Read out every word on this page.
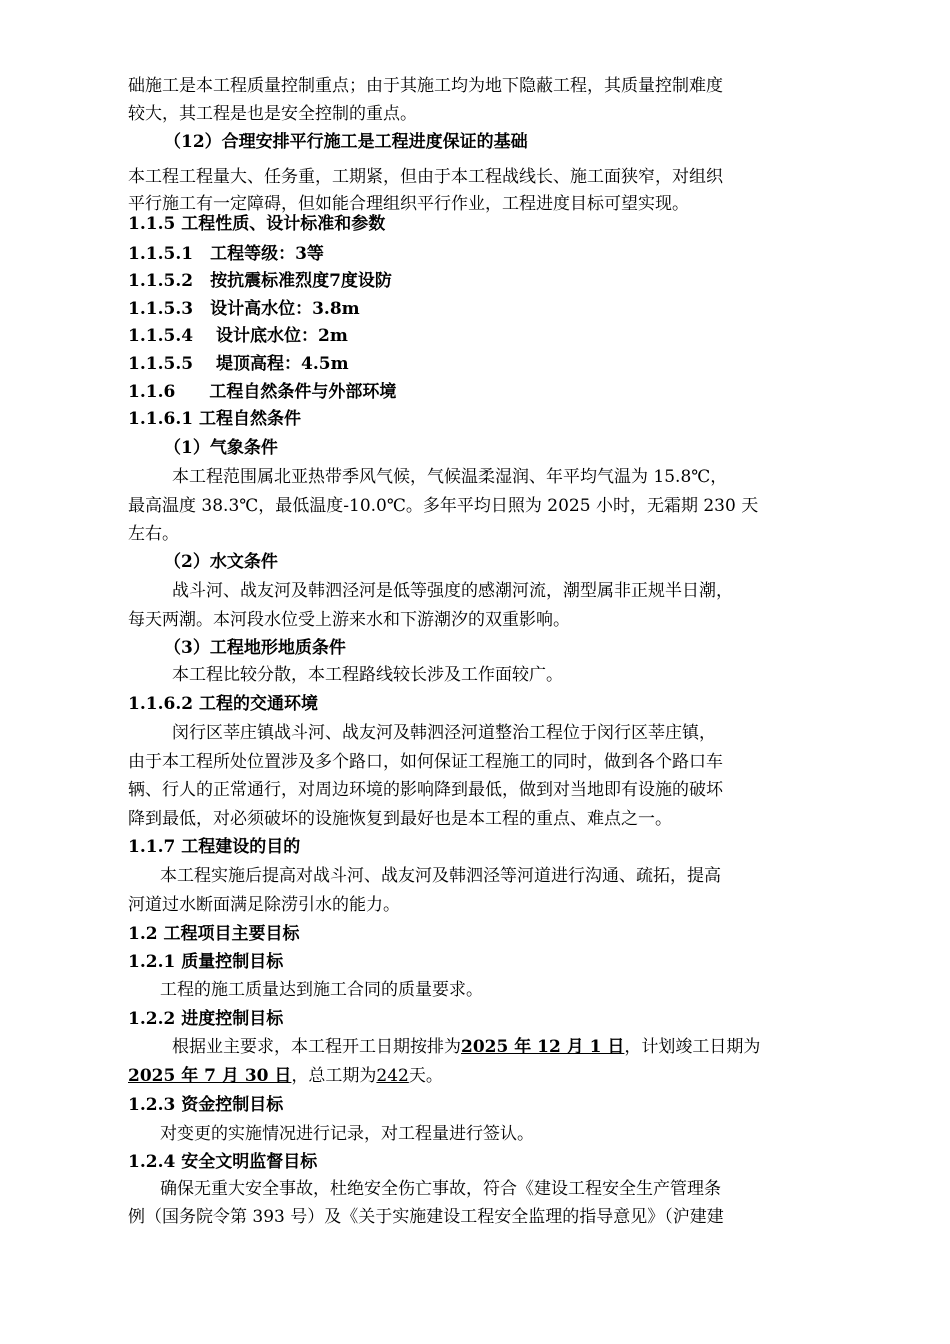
础施工是本工程质量控制重点；由于其施工均为地下隐蔽工程，其质量控制难度
较大，其工程是也是安全控制的重点。
（12）合理安排平行施工是工程进度保证的基础
本工程工程量大、任务重，工期紧，但由于本工程战线长、施工面狭窄，对组织
平行施工有一定障碍，但如能合理组织平行作业，工程进度目标可望实现。
1.1.5 工程性质、设计标准和参数
1.1.5.1　工程等级：3等
1.1.5.2　按抗震标准烈度7度设防
1.1.5.3　设计高水位：3.8m
1.1.5.4　 设计底水位：2m
1.1.5.5　 堤顶高程：4.5m
1.1.6　　工程自然条件与外部环境
1.1.6.1 工程自然条件
（1）气象条件
本工程范围属北亚热带季风气候，气候温柔湿润、年平均气温为 15.8℃，
最高温度 38.3℃，最低温度-10.0℃。多年平均日照为 2025 小时，无霜期 230 天
左右。
（2）水文条件
战斗河、战友河及韩泗泾河是低等强度的感潮河流，潮型属非正规半日潮，
每天两潮。本河段水位受上游来水和下游潮汐的双重影响。
（3）工程地形地质条件
本工程比较分散，本工程路线较长涉及工作面较广。
1.1.6.2 工程的交通环境
闵行区莘庄镇战斗河、战友河及韩泗泾河道整治工程位于闵行区莘庄镇，
由于本工程所处位置涉及多个路口，如何保证工程施工的同时，做到各个路口车
辆、行人的正常通行，对周边环境的影响降到最低，做到对当地即有设施的破坏
降到最低，对必须破坏的设施恢复到最好也是本工程的重点、难点之一。
1.1.7 工程建设的目的
本工程实施后提高对战斗河、战友河及韩泗泾等河道进行沟通、疏拓，提高
河道过水断面满足除涝引水的能力。
1.2 工程项目主要目标
1.2.1 质量控制目标
工程的施工质量达到施工合同的质量要求。
1.2.2 进度控制目标
根据业主要求，本工程开工日期按排为2025 年 12 月 1 日，计划竣工日期为
2025 年 7 月 30 日，总工期为242天。
1.2.3 资金控制目标
对变更的实施情况进行记录，对工程量进行签认。
1.2.4 安全文明监督目标
确保无重大安全事故，杜绝安全伤亡事故，符合《建设工程安全生产管理条
例（国务院令第 393 号）及《关于实施建设工程安全监理的指导意见》（沪建建
